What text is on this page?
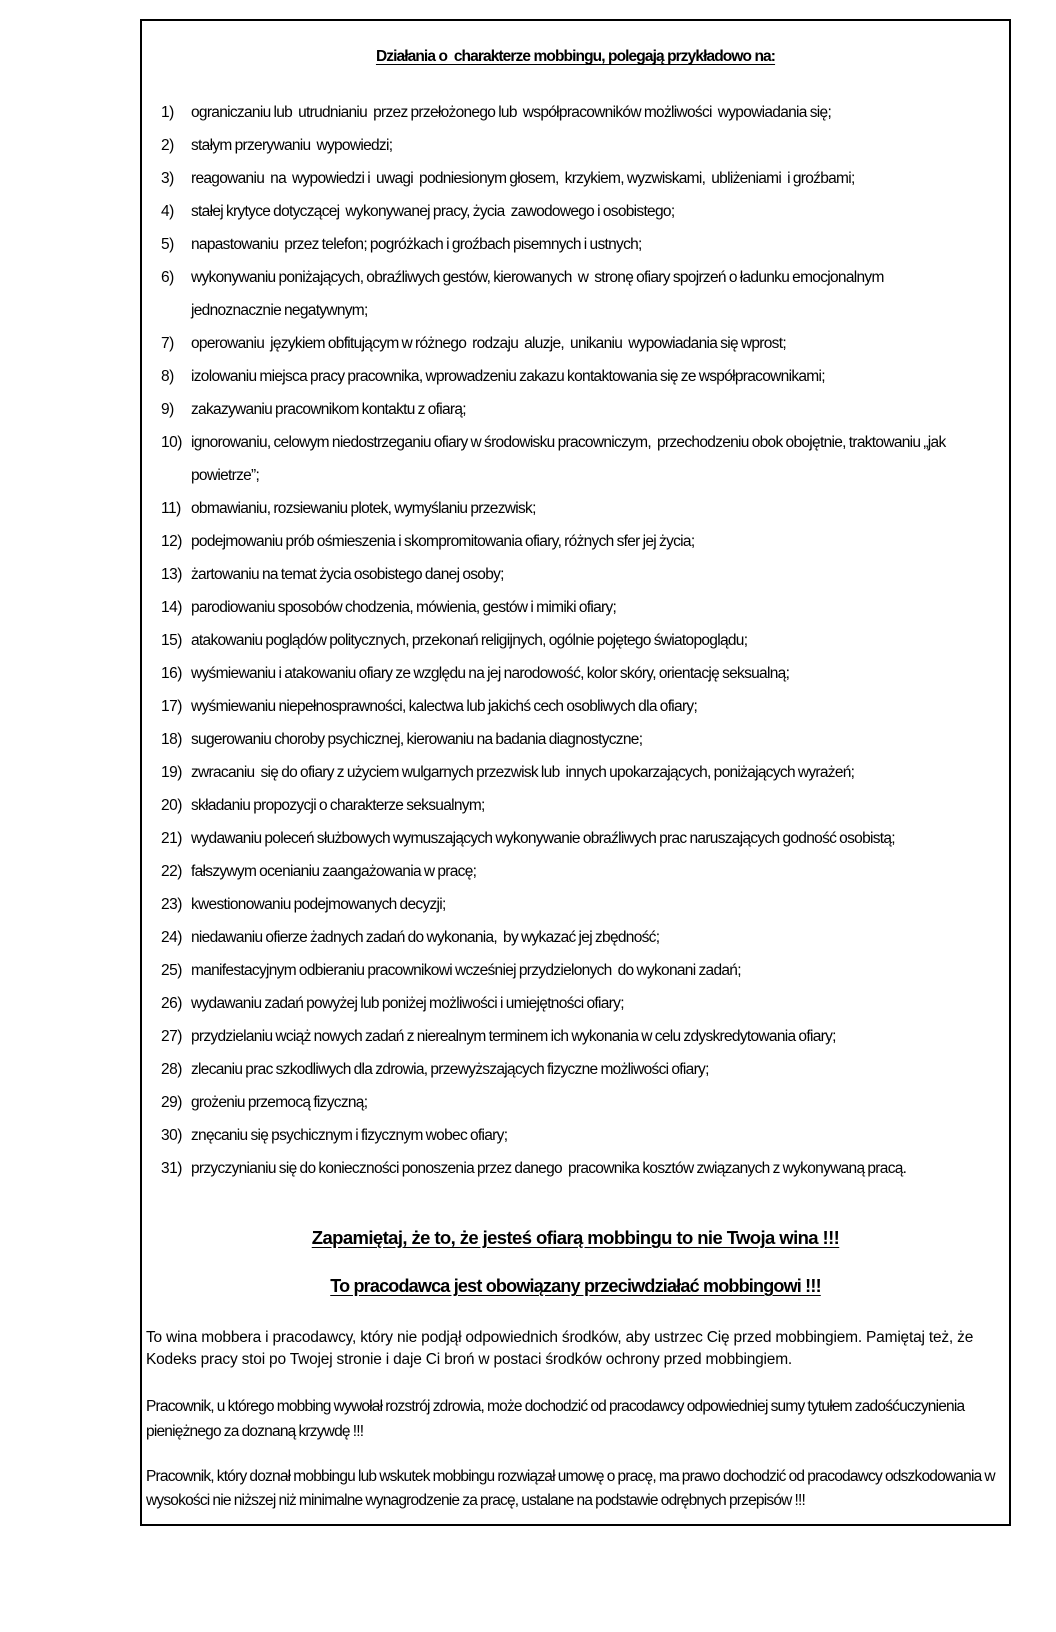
Działania o  charakterze mobbingu, polegają przykładowo na:
ograniczaniu lub  utrudnianiu  przez przełożonego lub  współpracowników możliwości  wypowiadania się;
stałym przerywaniu  wypowiedzi;
reagowaniu  na  wypowiedzi i  uwagi  podniesionym głosem,  krzykiem, wyzwiskami,  ubliżeniami  i groźbami;
stałej krytyce dotyczącej  wykonywanej pracy, życia  zawodowego i osobistego;
napastowaniu  przez telefon; pogróżkach i groźbach pisemnych i ustnych;
wykonywaniu poniżających, obraźliwych gestów, kierowanych  w  stronę ofiary spojrzeń o ładunku emocjonalnym jednoznacznie negatywnym;
operowaniu  językiem obfitującym w różnego  rodzaju  aluzje,  unikaniu  wypowiadania się wprost;
izolowaniu miejsca pracy pracownika, wprowadzeniu zakazu kontaktowania się ze współpracownikami;
zakazywaniu pracownikom kontaktu z ofiarą;
ignorowaniu, celowym niedostrzeganiu ofiary w środowisku pracowniczym,  przechodzeniu obok obojętnie, traktowaniu „jak powietrze”;
obmawianiu, rozsiewaniu plotek, wymyślaniu przezwisk;
podejmowaniu prób ośmieszenia i skompromitowania ofiary, różnych sfer jej życia;
żartowaniu na temat życia osobistego danej osoby;
parodiowaniu sposobów chodzenia, mówienia, gestów i mimiki ofiary;
atakowaniu poglądów politycznych, przekonań religijnych, ogólnie pojętego światopoglądu;
wyśmiewaniu i atakowaniu ofiary ze względu na jej narodowość, kolor skóry, orientację seksualną;
wyśmiewaniu niepełnosprawności, kalectwa lub jakichś cech osobliwych dla ofiary;
sugerowaniu choroby psychicznej, kierowaniu na badania diagnostyczne;
zwracaniu  się do ofiary z użyciem wulgarnych przezwisk lub  innych upokarzających, poniżających wyrażeń;
składaniu propozycji o charakterze seksualnym;
wydawaniu poleceń służbowych wymuszających wykonywanie obraźliwych prac naruszających godność osobistą;
fałszywym ocenianiu zaangażowania w pracę;
kwestionowaniu podejmowanych decyzji;
niedawaniu ofierze żadnych zadań do wykonania,  by wykazać jej zbędność;
manifestacyjnym odbieraniu pracownikowi wcześniej przydzielonych  do wykonani zadań;
wydawaniu zadań powyżej lub poniżej możliwości i umiejętności ofiary;
przydzielaniu wciąż nowych zadań z nierealnym terminem ich wykonania w celu zdyskredytowania ofiary;
zlecaniu prac szkodliwych dla zdrowia, przewyższających fizyczne możliwości ofiary;
grożeniu przemocą fizyczną;
znęcaniu się psychicznym i fizycznym wobec ofiary;
przyczynianiu się do konieczności ponoszenia przez danego  pracownika kosztów związanych z wykonywaną pracą.
Zapamiętaj, że to, że jesteś ofiarą mobbingu to nie Twoja wina !!!
To pracodawca jest obowiązany przeciwdziałać mobbingowi !!!

To wina mobbera i pracodawcy, który nie podjął odpowiednich środków, aby ustrzec Cię przed mobbingiem. Pamiętaj też, że Kodeks pracy stoi po Twojej stronie i daje Ci broń w postaci środków ochrony przed mobbingiem.

Pracownik, u którego mobbing wywołał rozstrój zdrowia, może dochodzić od pracodawcy odpowiedniej sumy tytułem zadośćuczynienia pieniężnego za doznaną krzywdę !!!

Pracownik, który doznał mobbingu lub wskutek mobbingu rozwiązał umowę o pracę, ma prawo dochodzić od pracodawcy odszkodowania w wysokości nie niższej niż minimalne wynagrodzenie za pracę, ustalane na podstawie odrębnych przepisów !!!
